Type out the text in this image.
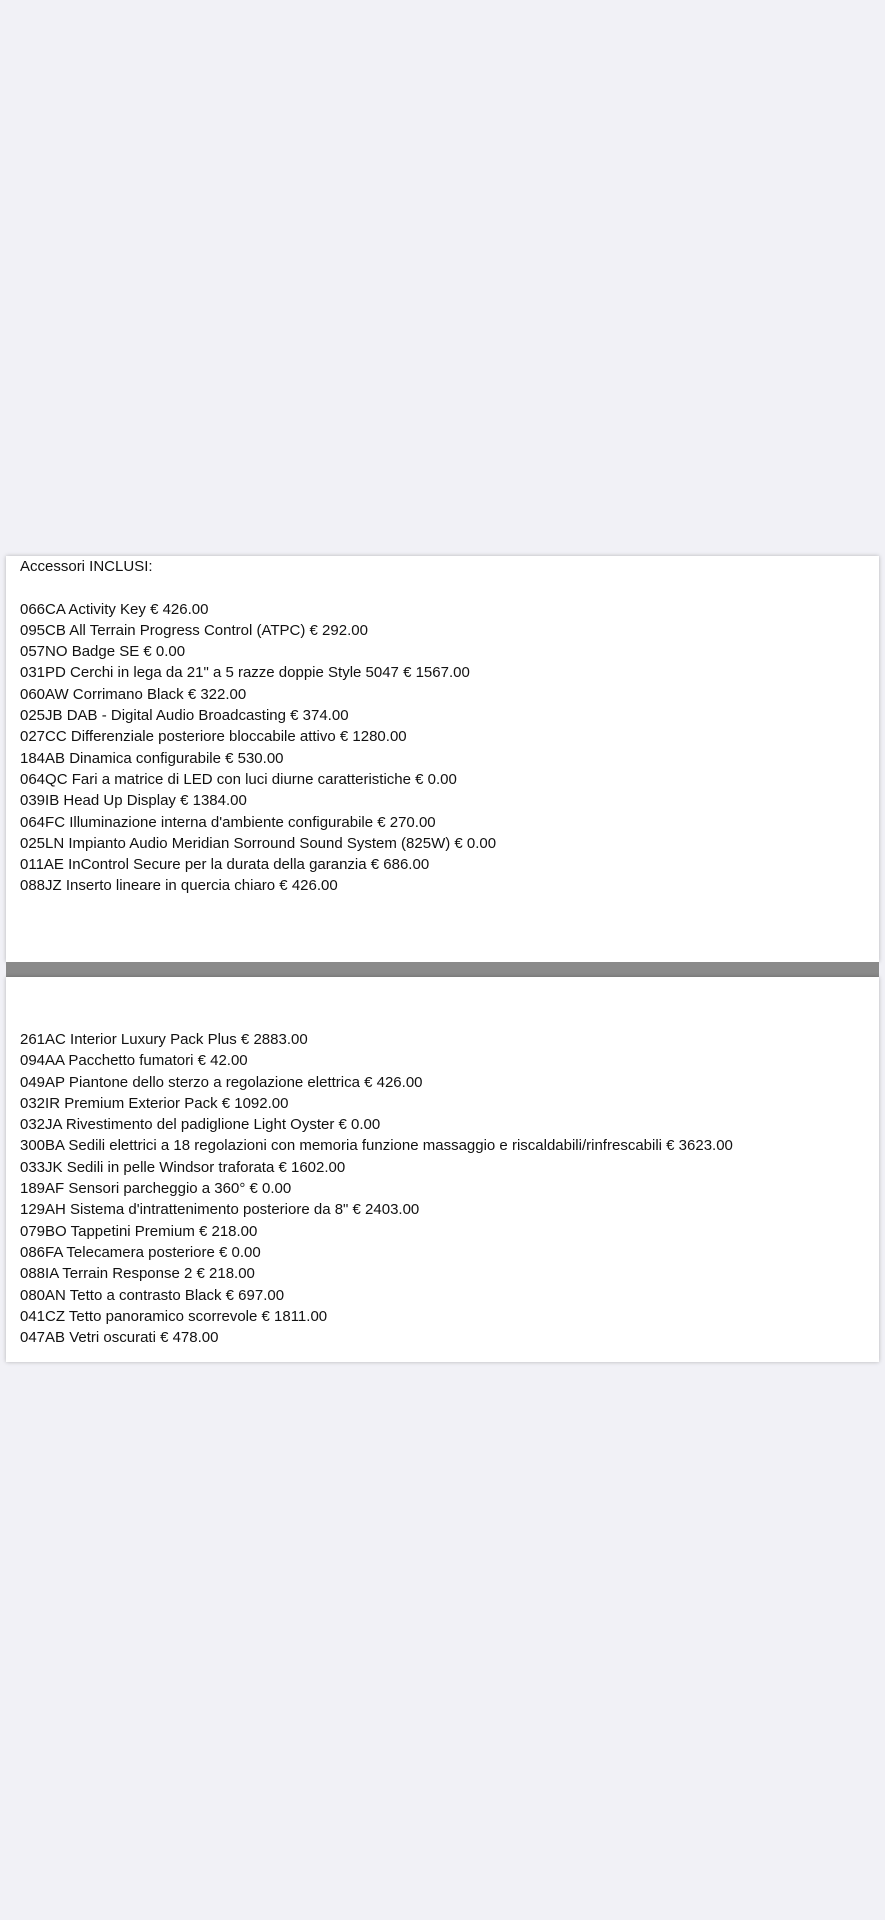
Accessori INCLUSI:
066CA Activity Key € 426.00
095CB All Terrain Progress Control (ATPC) € 292.00
057NO Badge SE € 0.00
031PD Cerchi in lega da 21" a 5 razze doppie Style 5047 € 1567.00
060AW Corrimano Black € 322.00
025JB DAB - Digital Audio Broadcasting € 374.00
027CC Differenziale posteriore bloccabile attivo € 1280.00
184AB Dinamica configurabile € 530.00
064QC Fari a matrice di LED con luci diurne caratteristiche € 0.00
039IB Head Up Display € 1384.00
064FC Illuminazione interna d'ambiente configurabile € 270.00
025LN Impianto Audio Meridian Sorround Sound System (825W) € 0.00
011AE InControl Secure per la durata della garanzia € 686.00
088JZ Inserto lineare in quercia chiaro € 426.00
261AC Interior Luxury Pack Plus € 2883.00
094AA Pacchetto fumatori € 42.00
049AP Piantone dello sterzo a regolazione elettrica € 426.00
032IR Premium Exterior Pack € 1092.00
032JA Rivestimento del padiglione Light Oyster € 0.00
300BA Sedili elettrici a 18 regolazioni con memoria funzione massaggio e riscaldabili/rinfrescabili € 3623.00
033JK Sedili in pelle Windsor traforata € 1602.00
189AF Sensori parcheggio a 360° € 0.00
129AH Sistema d'intrattenimento posteriore da 8" € 2403.00
079BO Tappetini Premium € 218.00
086FA Telecamera posteriore € 0.00
088IA Terrain Response 2 € 218.00
080AN Tetto a contrasto Black € 697.00
041CZ Tetto panoramico scorrevole € 1811.00
047AB Vetri oscurati € 478.00
